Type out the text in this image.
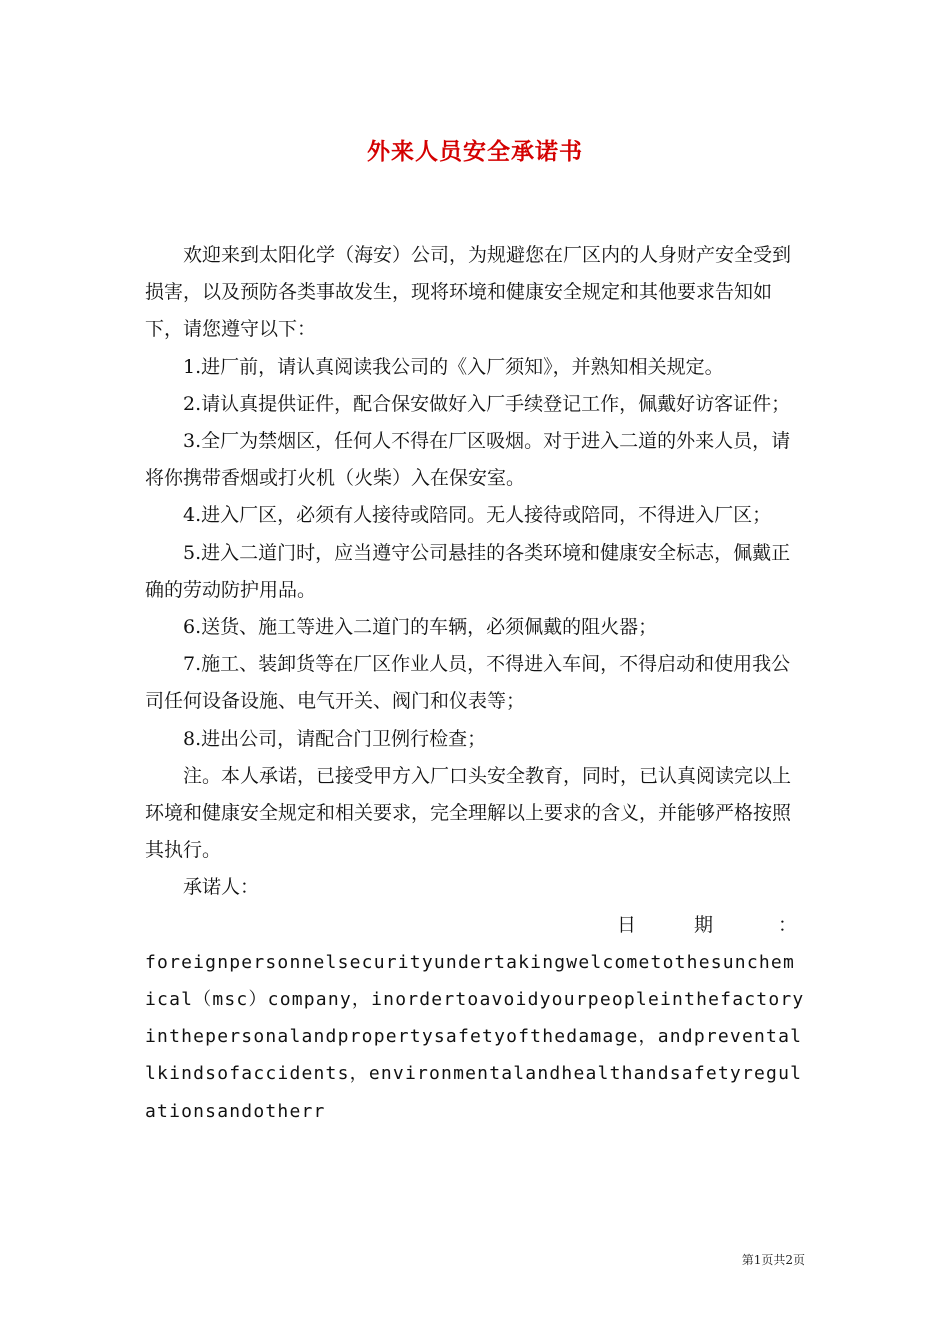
外来人员安全承诺书

欢迎来到太阳化学（海安）公司，为规避您在厂区内的人身财产安全受到损害，以及预防各类事故发生，现将环境和健康安全规定和其他要求告知如下，请您遵守以下：

1.进厂前，请认真阅读我公司的《入厂须知》，并熟知相关规定。

2.请认真提供证件，配合保安做好入厂手续登记工作，佩戴好访客证件；

3.全厂为禁烟区，任何人不得在厂区吸烟。对于进入二道的外来人员，请将你携带香烟或打火机（火柴）入在保安室。

4.进入厂区，必须有人接待或陪同。无人接待或陪同，不得进入厂区；

5.进入二道门时，应当遵守公司悬挂的各类环境和健康安全标志，佩戴正确的劳动防护用品。

6.送货、施工等进入二道门的车辆，必须佩戴的阻火器；

7.施工、装卸货等在厂区作业人员，不得进入车间，不得启动和使用我公司任何设备设施、电气开关、阀门和仪表等；

8.进出公司，请配合门卫例行检查；

注。本人承诺，已接受甲方入厂口头安全教育，同时，已认真阅读完以上环境和健康安全规定和相关要求，完全理解以上要求的含义，并能够严格按照其执行。

承诺人：

日	期	：

foreignpersonnelsecurityundertakingwelcometothesunchemical（msc）company，inordertoavoidyourpeopleinthefactoryinthepersonalandpropertysafetyofthedamage，andpreventallkindsofaccidents，environmentalandhealthandsafetyregulationsandotherr

第1页共2页
